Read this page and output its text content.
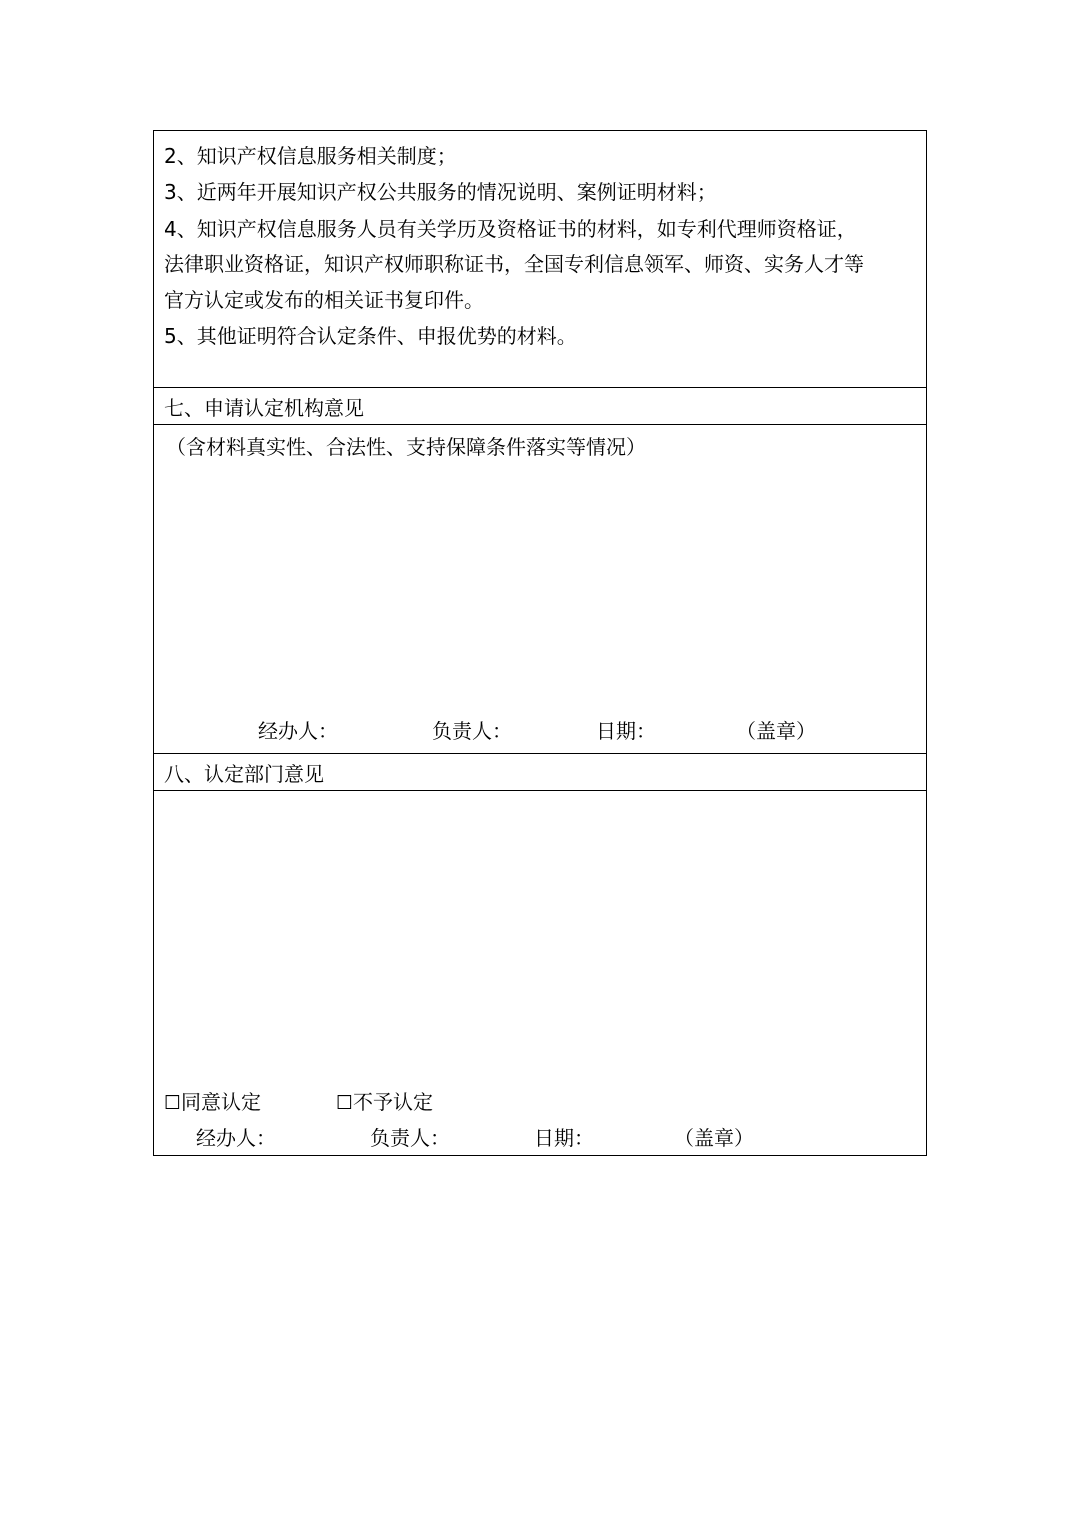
2、知识产权信息服务相关制度；
3、近两年开展知识产权公共服务的情况说明、案例证明材料；
4、知识产权信息服务人员有关学历及资格证书的材料，如专利代理师资格证，
法律职业资格证，知识产权师职称证书，全国专利信息领军、师资、实务人才等
官方认定或发布的相关证书复印件。
5、其他证明符合认定条件、申报优势的材料。
七、申请认定机构意见
（含材料真实性、合法性、支持保障条件落实等情况）
经办人：	负责人：	日期：	（盖章）
八、认定部门意见
☐同意认定	☐不予认定
经办人：	负责人：	日期：	（盖章）
